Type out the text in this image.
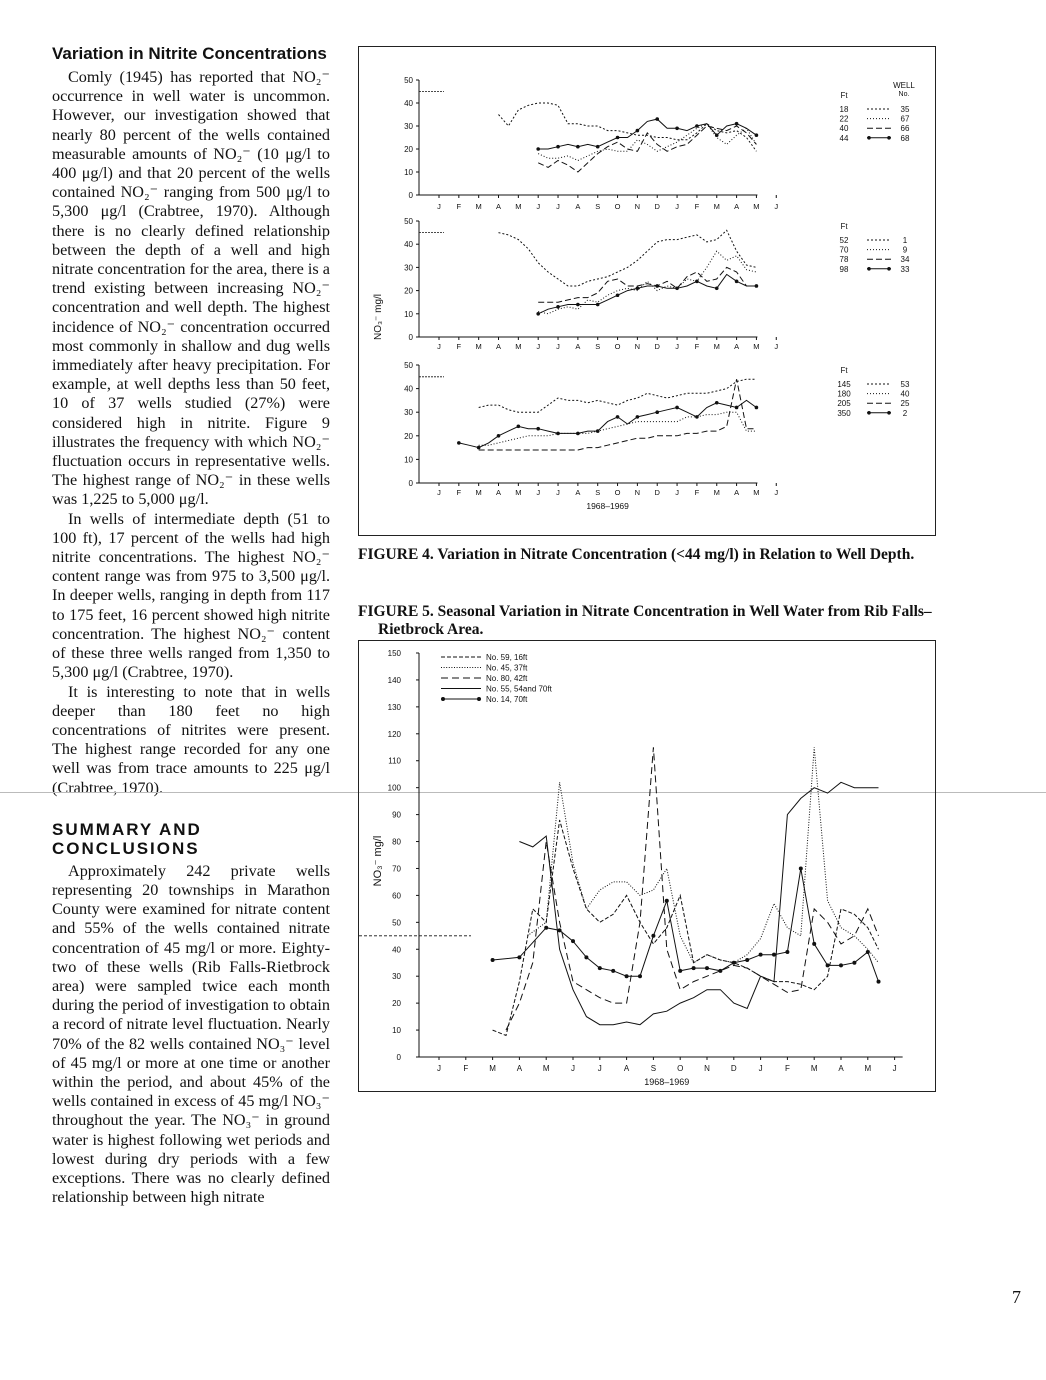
Variation in Nitrite Concentrations

Comly (1945) has reported that NO₂⁻ occurrence in well water is uncommon. However, our investigation showed that nearly 80 percent of the wells contained measurable amounts of NO₂⁻ (10 μg/l to 400 μg/l) and that 20 percent of the wells contained NO₂⁻ ranging from 500 μg/l to 5,300 μg/l (Crabtree, 1970). Although there is no clearly defined relationship between the depth of a well and high nitrate concentration for the area, there is a trend existing between increasing NO₂⁻ concentration and well depth. The highest incidence of NO₂⁻ concentration occurred most commonly in shallow and dug wells immediately after heavy precipitation. For example, at well depths less than 50 feet, 10 of 37 wells studied (27%) were considered high in nitrite. Figure 9 illustrates the frequency with which NO₂⁻ fluctuation occurs in representative wells. The highest range of NO₂⁻ in these wells was 1,225 to 5,000 μg/l.

In wells of intermediate depth (51 to 100 ft), 17 percent of the wells had high nitrite concentrations. The highest NO₂⁻ content range was from 975 to 3,500 μg/l. In deeper wells, ranging in depth from 117 to 175 feet, 16 percent showed high nitrite concentration. The highest NO₂⁻ content of these three wells ranged from 1,350 to 5,300 μg/l (Crabtree, 1970).

It is interesting to note that in wells deeper than 180 feet no high concentrations of nitrites were present. The highest range recorded for any one well was from trace amounts to 225 μg/l (Crabtree, 1970).

SUMMARY AND CONCLUSIONS

Approximately 242 private wells representing 20 townships in Marathon County were examined for nitrate content and 55% of the wells contained nitrate concentration of 45 mg/l or more. Eighty-two of these wells (Rib Falls-Rietbrock area) were sampled twice each month during the period of investigation to obtain a record of nitrate level fluctuation. Nearly 70% of the 82 wells contained NO₃⁻ level of 45 mg/l or more at one time or another within the period, and about 45% of the wells contained in excess of 45 mg/l NO₃⁻ throughout the year. The NO₃⁻ in ground water is highest following wet periods and lowest during dry periods with a few exceptions. There was no clearly defined relationship between high nitrate

0
10
20
30
40
50
J F M A M J J A S O N D J F M A M J
Ft
WELL
No.
18	35
22	67
40	66
44	68
0
10
20
30
40
50
J F M A M J J A S O N D J F M A M J
Ft
52	1
70	9
78	34
98	33
0
10
20
30
40
50
J F M A M J J A S O N D J F M A M J
Ft
145	53
180	40
205	25
350	2
NO₃⁻ mg/l
1968–1969
FIGURE 4. Variation in Nitrate Concentration (<44 mg/l) in Relation to Well Depth.
FIGURE 5. Seasonal Variation in Nitrate Concentration in Well Water from Rib Falls–
Rietbrock Area.
0
10
20
30
40
50
60
70
80
90
100
110
120
130
140
150
J	F	M	A	M	J	J	A	S	O	N	D	J	F	M	A	M	J
1968–1969
NO₃⁻ mg/l
No. 59, 16ft
No. 45, 37ft
No. 80, 42ft
No. 55, 54and 70ft
No. 14, 70ft
7
